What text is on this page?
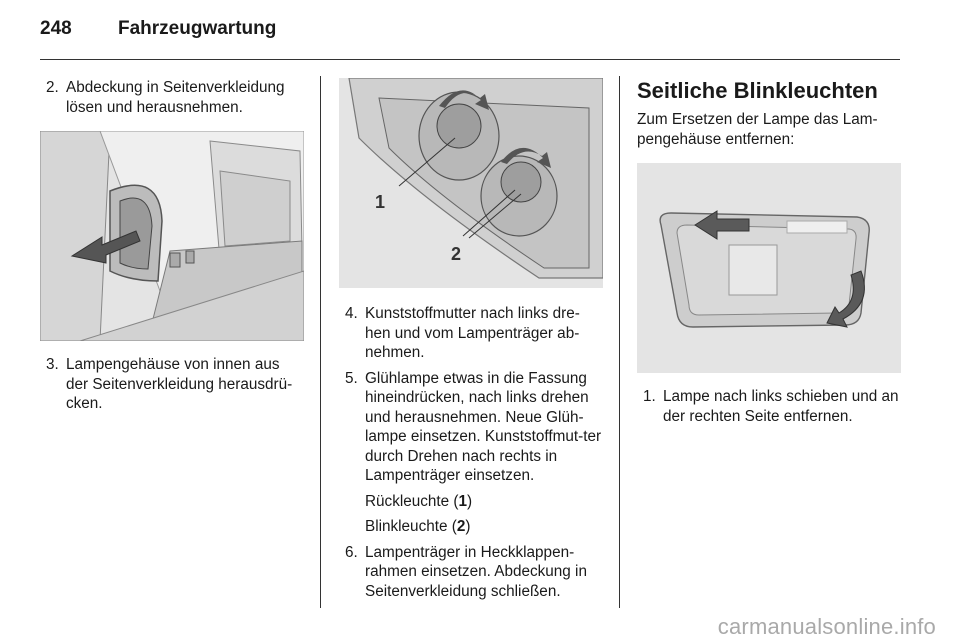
248 Fahrzeugwartung
2. Abdeckung in Seitenverkleidung lösen und herausnehmen.
3. Lampengehäuse von innen aus der Seitenverkleidung herausdrü-cken.
1
2
4. Kunststoffmutter nach links dre-hen und vom Lampenträger ab-nehmen.
5. Glühlampe etwas in die Fassung hineindrücken, nach links drehen und herausnehmen. Neue Glüh-lampe einsetzen. Kunststoffmut-ter durch Drehen nach rechts in Lampenträger einsetzen.
Rückleuchte (1)
Blinkleuchte (2)
6. Lampenträger in Heckklappen-rahmen einsetzen. Abdeckung in Seitenverkleidung schließen.
Seitliche Blinkleuchten
Zum Ersetzen der Lampe das Lam-pengehäuse entfernen:
1. Lampe nach links schieben und an der rechten Seite entfernen.
carmanualsonline.info
